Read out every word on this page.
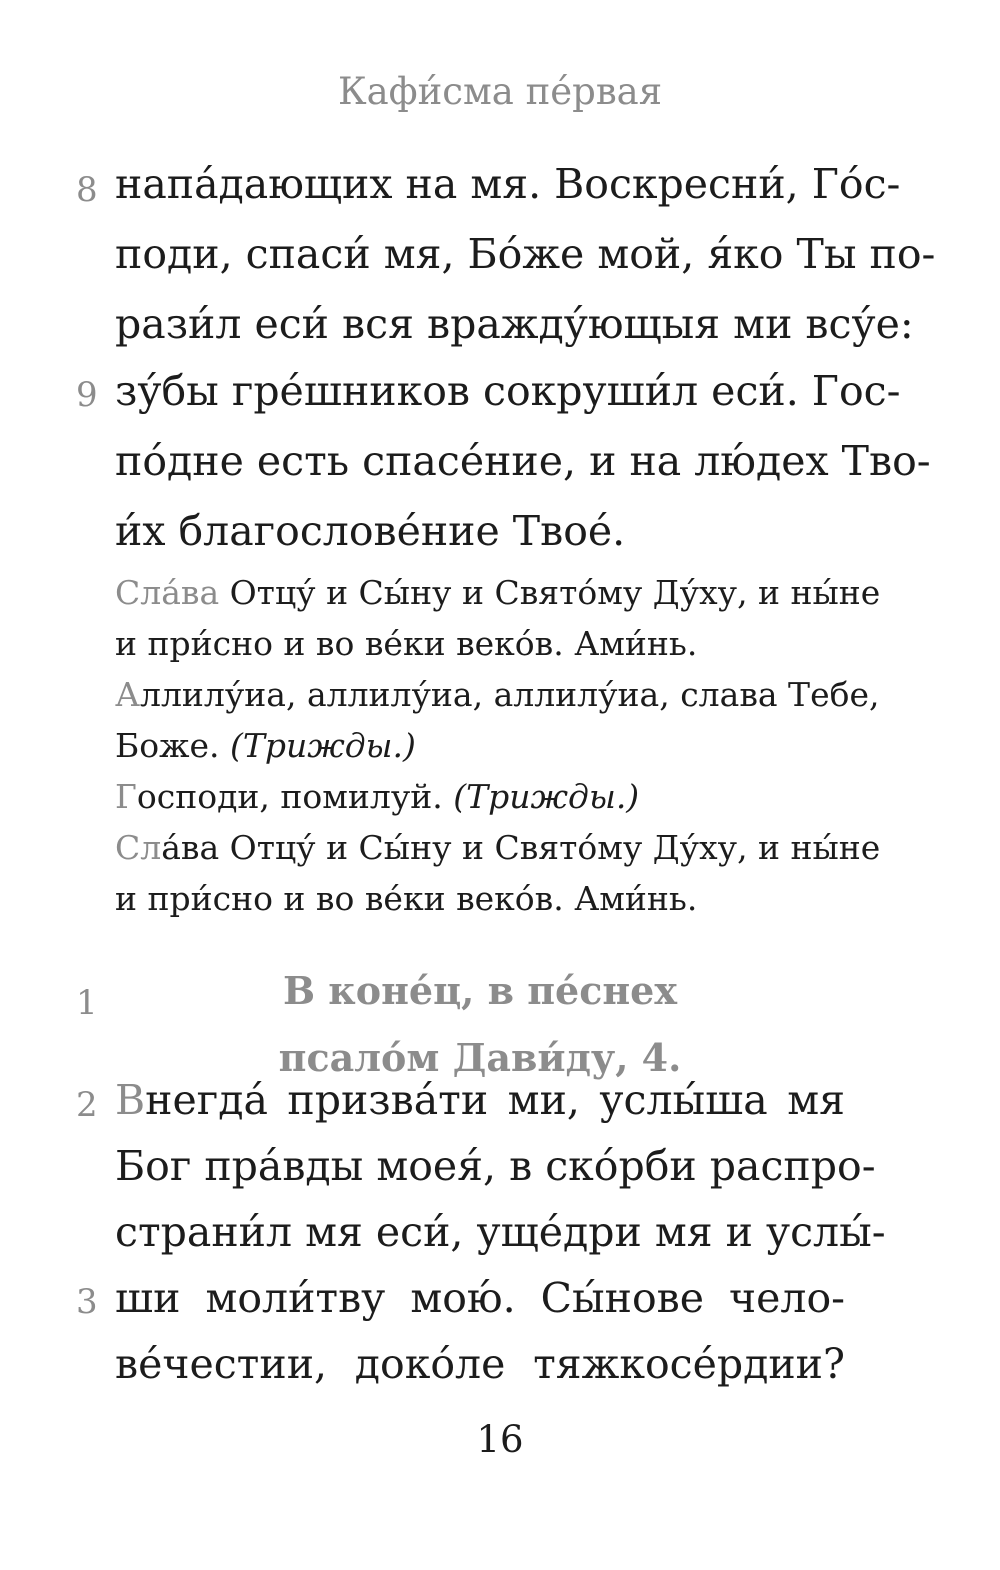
Кафи́сма пе́рвая
8 напа́дающих на мя. Воскресни́, Го́с-
поди, спаси́ мя, Бо́же мой, я́ко Ты по-
рази́л еси́ вся вражду́ющыя ми всу́е:
9 зу́бы гре́шников сокруши́л еси́. Гос-
по́дне есть спасе́ние, и на лю́дех Тво-
и́х благослове́ние Твое́.
Сла́ва Отцу́ и Сы́ну и Свято́му Ду́ху, и ны́не
и при́сно и во ве́ки веко́в. Ами́нь.
Аллилу́иа, аллилу́иа, аллилу́иа, слава Тебе,
Боже. (Трижды.)
Господи, помилуй. (Трижды.)
Сла́ва Отцу́ и Сы́ну и Свято́му Ду́ху, и ны́не
и при́сно и во ве́ки веко́в. Ами́нь.
1	В коне́ц, в пе́снех
псало́м Дави́ду, 4.
2 Внегда́ призва́ти ми, услы́ша мя
Бог пра́вды моея́, в ско́рби распро-
страни́л мя еси́, уще́дри мя и услы́-
3 ши моли́тву мою́. Сы́нове чело-
ве́честии, доко́ле тяжкосе́рдии?
16
